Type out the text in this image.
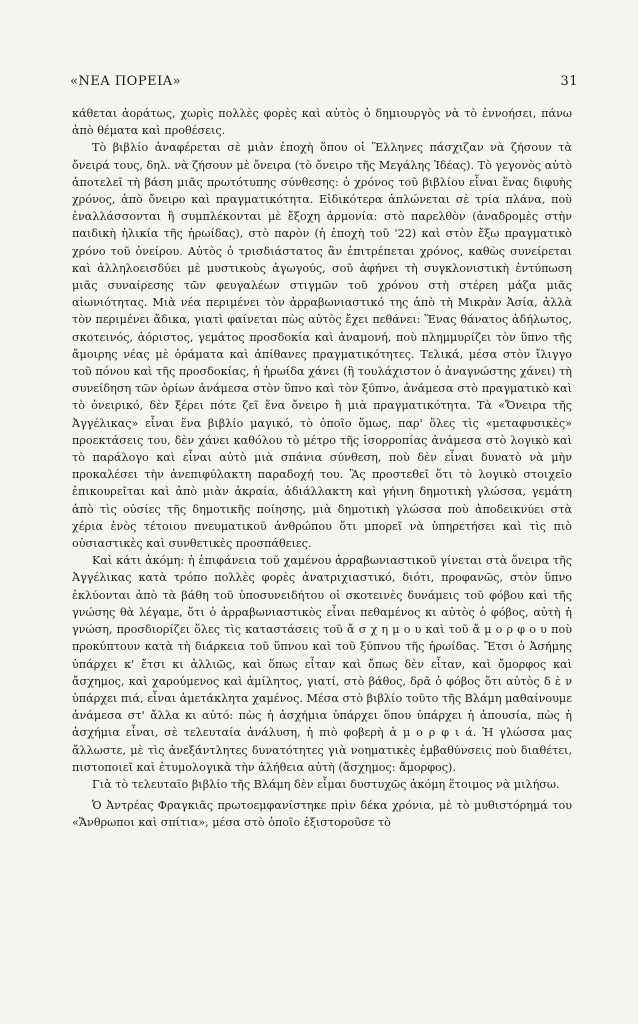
«ΝΕΑ ΠΟΡΕΙΑ»	31

κάθεται ἀοράτως, χωρὶς πολλὲς φορὲς καὶ αὐτὸς ὁ δημιουργὸς νὰ τὸ ἐννοήσει, πάνω ἀπὸ θέματα καὶ προθέσεις.

Τὸ βιβλίο ἀναφέρεται σὲ μιὰν ἐποχὴ ὅπου οἱ Ἕλληνες πάσχιζαν νὰ ζήσουν τὰ ὄνειρά τους, δηλ. νὰ ζήσουν μὲ ὄνειρα (τὸ ὄνειρο τῆς Μεγάλης Ἰδέας). Τὸ γεγονὸς αὐτὸ ἀποτελεῖ τὴ βάση μιᾶς πρωτότυπης σύνθεσης: ὁ χρόνος τοῦ βιβλίου εἶναι ἕνας διφυὴς χρόνος, ἀπὸ ὄνειρο καὶ πραγματικότητα. Εἰδικότερα ἁπλώνεται σὲ τρία πλάνα, ποὺ ἐναλλάσσονται ἢ συμπλέκονται μὲ ἔξοχη ἁρμονία: στὸ παρελθὸν (ἀναδρομὲς στὴν παιδικὴ ἡλικία τῆς ἡρωίδας), στὸ παρὸν (ἡ ἐποχὴ τοῦ '22) καὶ στὸν ἔξω πραγματικὸ χρόνο τοῦ ὀνείρου. Αὐτὸς ὁ τρισδιάστατος ἂν ἐπιτρέπεται χρόνος, καθὼς συνείρεται καὶ ἀλληλοεισδύει μὲ μυστικοὺς ἀγωγούς, σοῦ ἀφήνει τὴ συγκλονιστικὴ ἐντύπωση μιᾶς συναίρεσης τῶν φευγαλέων στιγμῶν τοῦ χρόνου στὴ στέρεη μάζα μιᾶς αἰωνιότητας. Μιὰ νέα περιμένει τὸν ἀρραβωνιαστικό της ἀπὸ τὴ Μικρὰν Ἀσία, ἀλλὰ τὸν περιμένει ἄδικα, γιατὶ φαίνεται πὼς αὐτὸς ἔχει πεθάνει: Ἕνας θάνατος ἀδήλωτος, σκοτεινός, ἀόριστος, γεμάτος προσδοκία καὶ ἀναμονή, ποὺ πλημμυρίζει τὸν ὕπνο τῆς ἄμοιρης νέας μὲ ὁράματα καὶ ἀπίθανες πραγματικότητες. Τελικά, μέσα στὸν ἴλιγγο τοῦ πόνου καὶ τῆς προσδοκίας, ἡ ἡρωίδα χάνει (ἢ τουλάχιστον ὁ ἀναγνώστης χάνει) τὴ συνείδηση τῶν ὁρίων ἀνάμεσα στὸν ὕπνο καὶ τὸν ξύπνο, ἀνάμεσα στὸ πραγματικὸ καὶ τὸ ὀνειρικό, δὲν ξέρει πότε ζεῖ ἕνα ὄνειρο ἢ μιὰ πραγματικότητα. Τὰ «Ὄνειρα τῆς Ἀγγέλικας» εἶναι ἕνα βιβλίο μαγικό, τὸ ὁποῖο ὅμως, παρ' ὅλες τὶς «μεταφυσικὲς» προεκτάσεις του, δὲν χάνει καθόλου τὸ μέτρο τῆς ἰσορροπίας ἀνάμεσα στὸ λογικὸ καὶ τὸ παράλογο καὶ εἶναι αὐτὸ μιὰ σπάνια σύνθεση, ποὺ δὲν εἶναι δυνατὸ νὰ μὴν προκαλέσει τὴν ἀνεπιφύλακτη παραδοχή του. Ἂς προστεθεῖ ὅτι τὸ λογικὸ στοιχεῖο ἐπικουρεῖται καὶ ἀπὸ μιὰν ἀκραία, ἀδιάλλακτη καὶ γήινη δημοτικὴ γλώσσα, γεμάτη ἀπὸ τὶς οὐσίες τῆς δημοτικῆς ποίησης, μιὰ δημοτικὴ γλώσσα ποὺ ἀποδεικνύει στὰ χέρια ἑνὸς τέτοιου πνευματικοῦ ἀνθρώπου ὅτι μπορεῖ νὰ ὑπηρετήσει καὶ τὶς πιὸ οὐσιαστικὲς καὶ συνθετικὲς προσπάθειες.

Καὶ κάτι ἀκόμη: ἡ ἐπιφάνεια τοῦ χαμένου ἀρραβωνιαστικοῦ γίνεται στὰ ὄνειρα τῆς Ἀγγέλικας κατὰ τρόπο πολλὲς φορὲς ἀνατριχιαστικό, διότι, προφανῶς, στὸν ὕπνο ἐκλύονται ἀπὸ τὰ βάθη τοῦ ὑποσυνειδήτου οἱ σκοτεινὲς δυνάμεις τοῦ φόβου καὶ τῆς γνώσης θὰ λέγαμε, ὅτι ὁ ἀρραβωνιαστικὸς εἶναι πεθαμένος κι αὐτὸς ὁ φόβος, αὐτὴ ἡ γνώση, προσδιορίζει ὅλες τὶς καταστάσεις τοῦ ἄ σ χ η μ ο υ καὶ τοῦ ἄ μ ο ρ φ ο υ ποὺ προκύπτουν κατὰ τὴ διάρκεια τοῦ ὕπνου καὶ τοῦ ξύπνου τῆς ἡρωίδας. Ἔτσι ὁ Ἀσήμης ὑπάρχει κ' ἔτσι κι ἀλλιῶς, καὶ ὅπως εἶταν καὶ ὅπως δὲν εἶταν, καὶ ὄμορφος καὶ ἄσχημος, καὶ χαρούμενος καὶ ἀμίλητος, γιατί, στὸ βάθος, δρᾶ ὁ φόβος ὅτι αὐτὸς δ ὲ ν ὑπάρχει πιά, εἶναι ἀμετάκλητα χαμένος. Μέσα στὸ βιβλίο τοῦτο τῆς Βλάμη μαθαίνουμε ἀνάμεσα στ' ἄλλα κι αὐτό: πὼς ἡ ἀσχήμια ὑπάρχει ὅπου ὑπάρχει ἡ ἀπουσία, πὼς ἡ ἀσχήμια εἶναι, σὲ τελευταία ἀνάλυση, ἡ πιὸ φοβερὴ ἀ μ ο ρ φ ι ά. Ἡ γλώσσα μας ἄλλωστε, μὲ τὶς ἀνεξάντλητες δυνατότητες γιὰ νοηματικὲς ἐμβαθύνσεις ποὺ διαθέτει, πιστοποιεῖ καὶ ἐτυμολογικὰ τὴν ἀλήθεια αὐτὴ (ἄσχημος: ἄμορφος).

Γιὰ τὸ τελευταῖο βιβλίο τῆς Βλάμη δὲν εἶμαι δυστυχῶς ἀκόμη ἕτοιμος νὰ μιλήσω.

Ὁ Ἀντρέας Φραγκιᾶς πρωτοεμφανίστηκε πρὶν δέκα χρόνια, μὲ τὸ μυθιστόρημά του «Ἄνθρωποι καὶ σπίτια», μέσα στὸ ὁποῖο ἐξιστοροῦσε τὸ
